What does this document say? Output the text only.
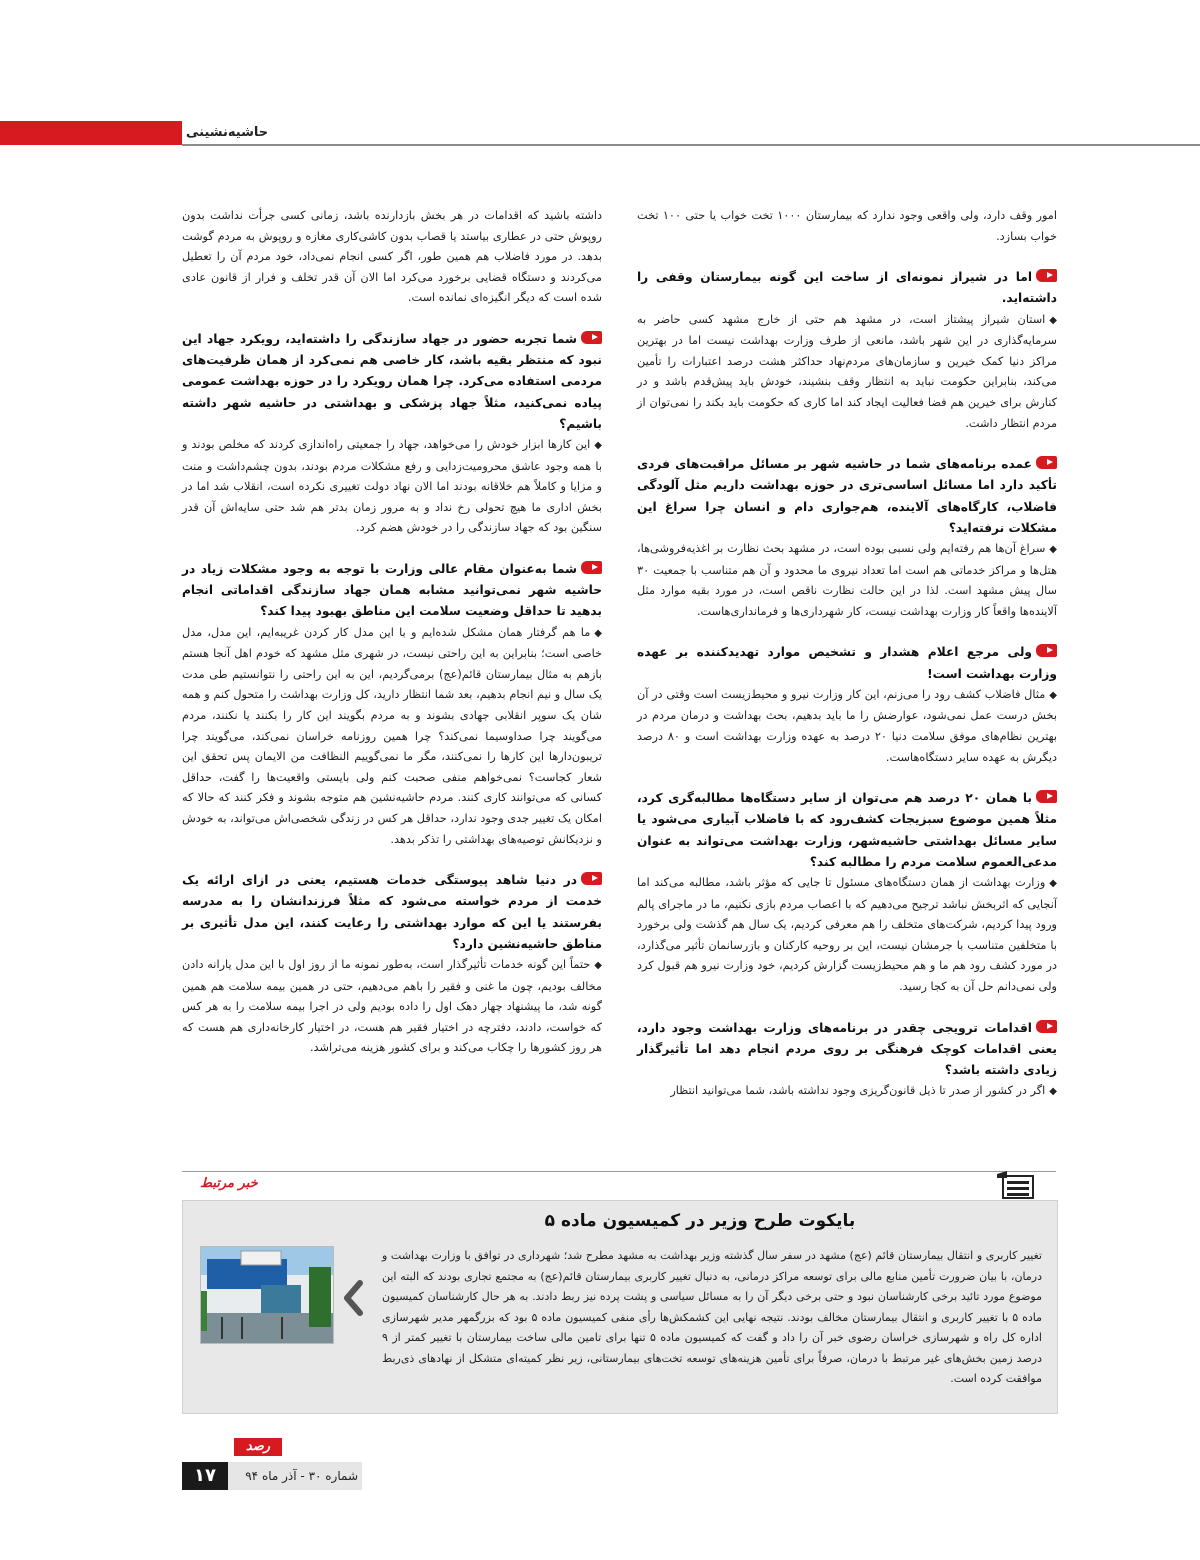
حاشیه‌نشینی

امور وقف دارد، ولی واقعی وجود ندارد که بیمارستان ۱۰۰۰ تخت خواب یا حتی ۱۰۰ تخت خواب بسازد.

اما در شیراز نمونه‌ای از ساخت این گونه بیمارستان وقفی را داشته‌اید.

◆استان شیراز پیشتاز است، در مشهد هم حتی از خارج مشهد کسی حاضر به سرمایه‌گذاری در این شهر باشد، مانعی از طرف وزارت بهداشت نیست اما در بهترین مراکز دنیا کمک خیرین و سازمان‌های مردم‌نهاد حداکثر هشت درصد اعتبارات را تأمین می‌کند، بنابراین حکومت نباید به انتظار وقف بنشیند، خودش باید پیش‌قدم باشد و در کنارش برای خیرین هم فضا فعالیت ایجاد کند اما کاری که حکومت باید بکند را نمی‌توان از مردم انتظار داشت.

عمده برنامه‌های شما در حاشیه شهر بر مسائل مراقبت‌های فردی تأکید دارد اما مسائل اساسی‌تری در حوزه بهداشت داریم مثل آلودگی فاضلاب، کارگاه‌های آلاینده، هم‌جواری دام و انسان چرا سراغ این مشکلات نرفته‌اید؟

◆سراغ آن‌ها هم رفته‌ایم ولی نسبی بوده است، در مشهد بحث نظارت بر اغذیه‌فروشی‌ها، هتل‌ها و مراکز خدماتی هم است اما تعداد نیروی ما محدود و آن هم متناسب با جمعیت ۳۰ سال پیش مشهد است. لذا در این حالت نظارت ناقص است، در مورد بقیه موارد مثل آلاینده‌ها واقعاً کار وزارت بهداشت نیست، کار شهرداری‌ها و فرمانداری‌هاست.

ولی مرجع اعلام هشدار و تشخیص موارد تهدیدکننده بر عهده وزارت بهداشت است!

◆مثال فاضلاب کشف رود را می‌زنم، این کار وزارت نیرو و محیط‌زیست است وقتی در آن بخش درست عمل نمی‌شود، عوارضش را ما باید بدهیم، بحث بهداشت و درمان مردم در بهترین نظام‌های موفق سلامت دنیا ۲۰ درصد به عهده وزارت بهداشت است و ۸۰ درصد دیگرش به عهده سایر دستگاه‌هاست.

با همان ۲۰ درصد هم می‌توان از سایر دستگاه‌ها مطالبه‌گری کرد، مثلاً همین موضوع سبزیجات کشف‌رود که با فاضلاب آبیاری می‌شود یا سایر مسائل بهداشتی حاشیه‌شهر، وزارت بهداشت می‌تواند به عنوان مدعی‌العموم سلامت مردم را مطالبه کند؟

◆وزارت بهداشت از همان دستگاه‌های مسئول تا جایی که مؤثر باشد، مطالبه می‌کند اما آنجایی که اثربخش نباشد ترجیح می‌دهیم که با اعصاب مردم بازی نکنیم، ما در ماجرای پالم ورود پیدا کردیم، شرکت‌های متخلف را هم معرفی کردیم، یک سال هم گذشت ولی برخورد با متخلفین متناسب با جرمشان نیست، این بر روحیه کارکنان و بازرسانمان تأثیر می‌گذارد، در مورد کشف رود هم ما و هم محیط‌زیست گزارش کردیم، خود وزارت نیرو هم قبول کرد ولی نمی‌دانم حل آن به کجا رسید.

اقدامات ترویجی چقدر در برنامه‌های وزارت بهداشت وجود دارد، یعنی اقدامات کوچک فرهنگی بر روی مردم انجام دهد اما تأثیرگذار زیادی داشته باشد؟

◆اگر در کشور از صدر تا ذیل قانون‌گریزی وجود نداشته باشد، شما می‌توانید انتظار

داشته باشید که اقدامات در هر بخش بازدارنده باشد، زمانی کسی جرأت نداشت بدون روپوش حتی در عطاری بیاستد یا قصاب بدون کاشی‌کاری مغازه و روپوش به مردم گوشت بدهد. در مورد فاضلاب هم همین طور، اگر کسی انجام نمی‌داد، خود مردم آن را تعطیل می‌کردند و دستگاه قضایی برخورد می‌کرد اما الان آن قدر تخلف و فرار از قانون عادی شده است که دیگر انگیزه‌ای نمانده است.

شما تجربه حضور در جهاد سازندگی را داشته‌اید، رویکرد جهاد این نبود که منتظر بقیه باشد، کار خاصی هم نمی‌کرد از همان ظرفیت‌های مردمی استفاده می‌کرد. چرا همان رویکرد را در حوزه بهداشت عمومی پیاده نمی‌کنید، مثلاً جهاد پزشکی و بهداشتی در حاشیه شهر داشته باشیم؟

◆این کارها ابزار خودش را می‌خواهد، جهاد را جمعیتی راه‌اندازی کردند که مخلص بودند و با همه وجود عاشق محرومیت‌زدایی و رفع مشکلات مردم بودند، بدون چشم‌داشت و منت و مزایا و کاملاً هم خلاقانه بودند اما الان نهاد دولت تغییری نکرده است، انقلاب شد اما در بخش اداری ما هیچ تحولی رخ نداد و به مرور زمان بدتر هم شد حتی سایه‌اش آن قدر سنگین بود که جهاد سازندگی را در خودش هضم کرد.

شما به‌عنوان مقام عالی وزارت با توجه به وجود مشکلات زیاد در حاشیه شهر نمی‌توانید مشابه همان جهاد سازندگی اقداماتی انجام بدهید تا حداقل وضعیت سلامت این مناطق بهبود پیدا کند؟

◆ما هم گرفتار همان مشکل شده‌ایم و با این مدل کار کردن غریبه‌ایم، این مدل، مدل خاصی است؛ بنابراین به این راحتی نیست، در شهری مثل مشهد که خودم اهل آنجا هستم بازهم به مثال بیمارستان قائم(عج) برمی‌گردیم، این به این راحتی را نتوانستیم طی مدت یک سال و نیم انجام بدهیم، بعد شما انتظار دارید، کل وزارت بهداشت را متحول کنم و همه شان یک سوپر انقلابی جهادی بشوند و به مردم بگویند این کار را بکنند یا نکنند، مردم می‌گویند چرا صداوسیما نمی‌کند؟ چرا همین روزنامه خراسان نمی‌کند، می‌گویند چرا تریبون‌دارها این کارها را نمی‌کنند، مگر ما نمی‌گوییم النظافت من الایمان پس تحقق این شعار کجاست؟ نمی‌خواهم منفی صحبت کنم ولی بایستی واقعیت‌ها را گفت، حداقل کسانی که می‌توانند کاری کنند. مردم حاشیه‌نشین هم متوجه بشوند و فکر کنند که حالا که امکان یک تغییر جدی وجود ندارد، حداقل هر کس در زندگی شخصی‌اش می‌تواند، به خودش و نزدیکانش توصیه‌های بهداشتی را تذکر بدهد.

در دنیا شاهد پیوستگی خدمات هستیم، یعنی در ازای ارائه یک خدمت از مردم خواسته می‌شود که مثلاً فرزندانشان را به مدرسه بفرستند یا این که موارد بهداشتی را رعایت کنند، این مدل تأثیری بر مناطق حاشیه‌نشین دارد؟

◆حتماً این گونه خدمات تأثیرگذار است، به‌طور نمونه ما از روز اول با این مدل یارانه دادن مخالف بودیم، چون ما غنی و فقیر را باهم می‌دهیم، حتی در همین بیمه سلامت هم همین گونه شد، ما پیشنهاد چهار دهک اول را داده بودیم ولی در اجرا بیمه سلامت را به هر کس که خواست، دادند، دفترچه در اختیار فقیر هم هست، در اختیار کارخانه‌داری هم هست که هر روز کشورها را چکاب می‌کند و برای کشور هزینه می‌تراشد.

خبر مرتبط
بایکوت طرح وزیر در کمیسیون ماده ۵
تغییر کاربری و انتقال بیمارستان قائم (عج) مشهد در سفر سال گذشته وزیر بهداشت به مشهد مطرح شد؛ شهرداری در توافق با وزارت بهداشت و درمان، با بیان ضرورت تأمین منابع مالی برای توسعه مراکز درمانی، به دنبال تغییر کاربری بیمارستان قائم(عج) به مجتمع تجاری بودند که البته این موضوع مورد تائید برخی کارشناسان نبود و حتی برخی دیگر آن را به مسائل سیاسی و پشت پرده نیز ربط دادند. به هر حال کارشناسان کمیسیون ماده ۵ با تغییر کاربری و انتقال بیمارستان مخالف بودند. نتیجه نهایی این کشمکش‌ها رأی منفی کمیسیون ماده ۵ بود که بزرگمهر مدیر شهرسازی اداره کل راه و شهرسازی خراسان رضوی خبر آن را داد و گفت که کمیسیون ماده ۵ تنها برای تامین مالی ساخت بیمارستان با تغییر کمتر از ۹ درصد زمین بخش‌های غیر مرتبط با درمان، صرفاً برای تأمین هزینه‌های توسعه تخت‌های بیمارستانی، زیر نظر کمیته‌ای متشکل از نهادهای ذی‌ربط موافقت کرده است.
رصد
۱۷	شماره ۳۰ - آذر ماه ۹۴
